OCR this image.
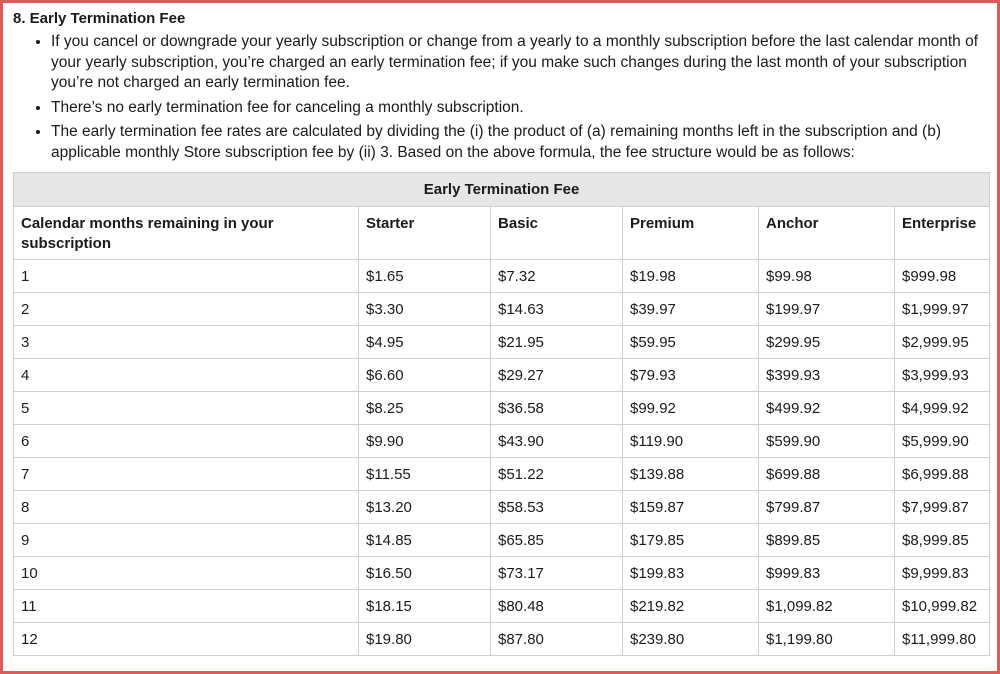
8. Early Termination Fee
• If you cancel or downgrade your yearly subscription or change from a yearly to a monthly subscription before the last calendar month of your yearly subscription, you’re charged an early termination fee; if you make such changes during the last month of your subscription you’re not charged an early termination fee.
• There’s no early termination fee for canceling a monthly subscription.
• The early termination fee rates are calculated by dividing the (i) the product of (a) remaining months left in the subscription and (b) applicable monthly Store subscription fee by (ii) 3. Based on the above formula, the fee structure would be as follows:
Early Termination Fee					
Calendar months remaining in your subscription	Starter	Basic	Premium	Anchor	Enterprise
1	$1.65	$7.32	$19.98	$99.98	$999.98
2	$3.30	$14.63	$39.97	$199.97	$1,999.97
3	$4.95	$21.95	$59.95	$299.95	$2,999.95
4	$6.60	$29.27	$79.93	$399.93	$3,999.93
5	$8.25	$36.58	$99.92	$499.92	$4,999.92
6	$9.90	$43.90	$119.90	$599.90	$5,999.90
7	$11.55	$51.22	$139.88	$699.88	$6,999.88
8	$13.20	$58.53	$159.87	$799.87	$7,999.87
9	$14.85	$65.85	$179.85	$899.85	$8,999.85
10	$16.50	$73.17	$199.83	$999.83	$9,999.83
11	$18.15	$80.48	$219.82	$1,099.82	$10,999.82
12	$19.80	$87.80	$239.80	$1,199.80	$11,999.80
